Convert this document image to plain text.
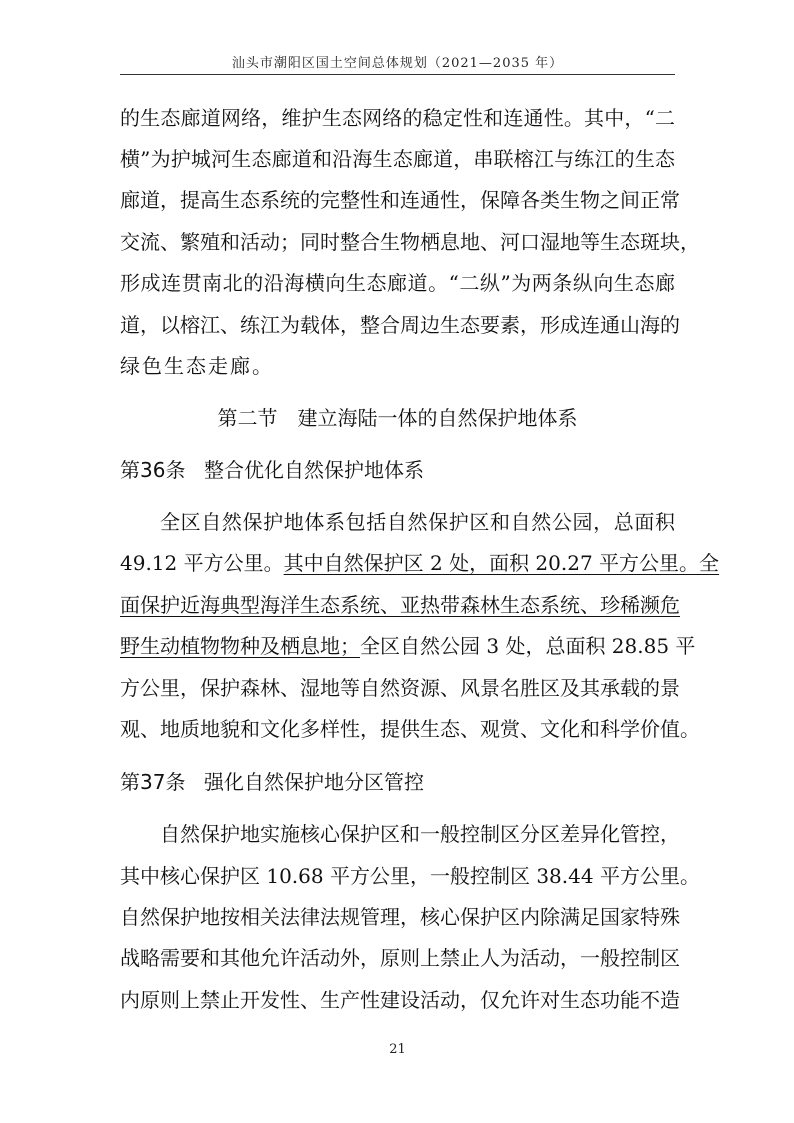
汕头市潮阳区国土空间总体规划（2021—2035 年）
的生态廊道网络，维护生态网络的稳定性和连通性。其中，“二
横”为护城河生态廊道和沿海生态廊道，串联榕江与练江的生态
廊道，提高生态系统的完整性和连通性，保障各类生物之间正常
交流、繁殖和活动；同时整合生物栖息地、河口湿地等生态斑块，
形成连贯南北的沿海横向生态廊道。“二纵”为两条纵向生态廊
道，以榕江、练江为载体，整合周边生态要素，形成连通山海的
绿色生态走廊。
第二节　建立海陆一体的自然保护地体系
第36条 整合优化自然保护地体系
全区自然保护地体系包括自然保护区和自然公园，总面积
49.12 平方公里。其中自然保护区 2 处，面积 20.27 平方公里。全
面保护近海典型海洋生态系统、亚热带森林生态系统、珍稀濒危
野生动植物物种及栖息地；全区自然公园 3 处，总面积 28.85 平
方公里，保护森林、湿地等自然资源、风景名胜区及其承载的景
观、地质地貌和文化多样性，提供生态、观赏、文化和科学价值。
第37条 强化自然保护地分区管控
自然保护地实施核心保护区和一般控制区分区差异化管控，
其中核心保护区 10.68 平方公里，一般控制区 38.44 平方公里。
自然保护地按相关法律法规管理，核心保护区内除满足国家特殊
战略需要和其他允许活动外，原则上禁止人为活动，一般控制区
内原则上禁止开发性、生产性建设活动，仅允许对生态功能不造
21
